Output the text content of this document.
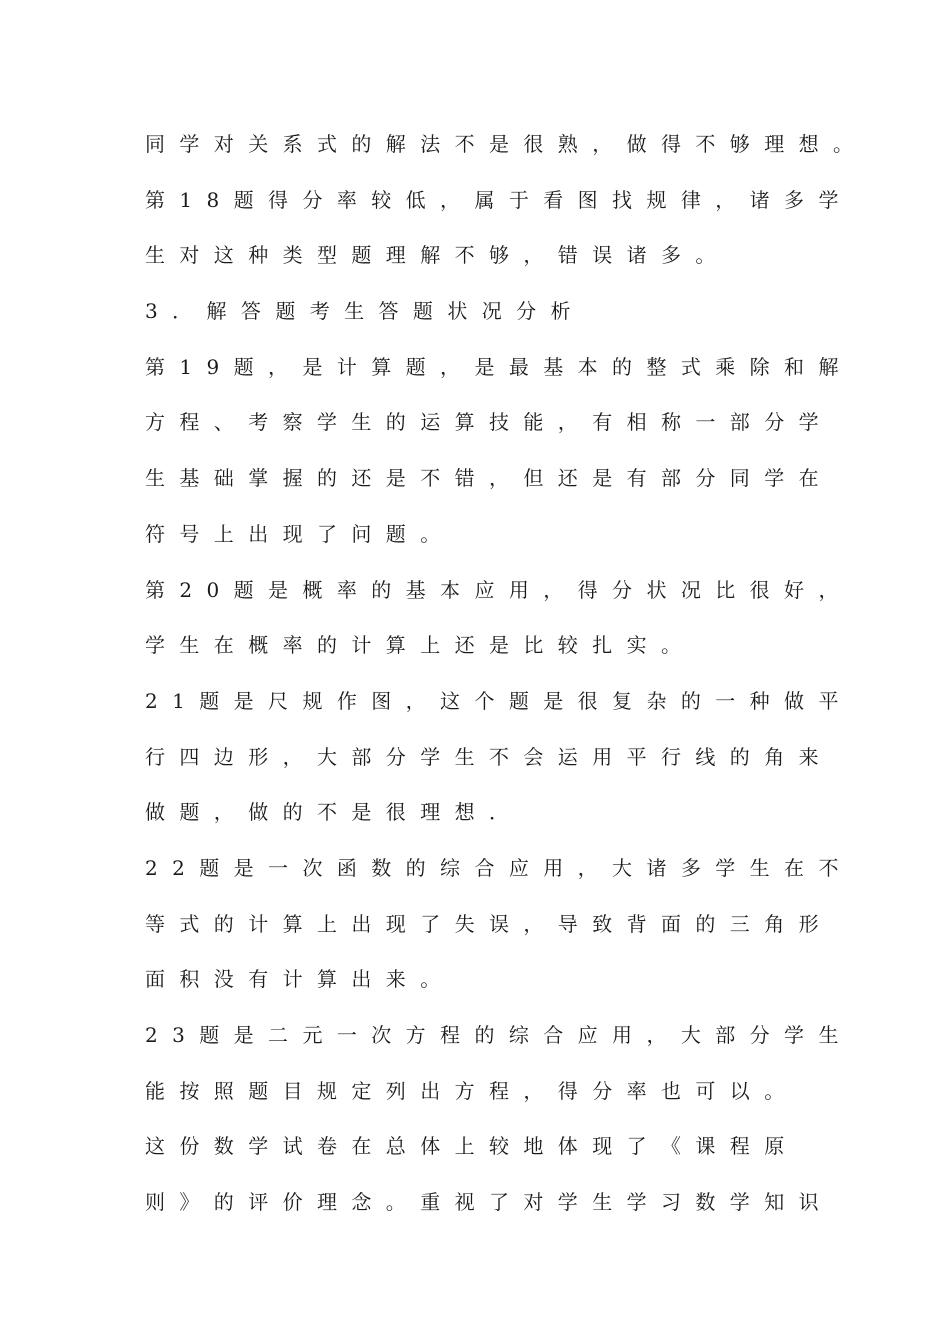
同学对关系式的解法不是很熟，做得不够理想。
第18题得分率较低，属于看图找规律，诸多学
生对这种类型题理解不够，错误诸多。
3．解答题考生答题状况分析
第19题，是计算题，是最基本的整式乘除和解
方程、考察学生的运算技能，有相称一部分学
生基础掌握的还是不错，但还是有部分同学在
符号上出现了问题。
第20题是概率的基本应用，得分状况比很好，
学生在概率的计算上还是比较扎实。
21题是尺规作图，这个题是很复杂的一种做平
行四边形，大部分学生不会运用平行线的角来
做题，做的不是很理想．
22题是一次函数的综合应用，大诸多学生在不
等式的计算上出现了失误，导致背面的三角形
面积没有计算出来。
23题是二元一次方程的综合应用，大部分学生
能按照题目规定列出方程，得分率也可以。
这份数学试卷在总体上较地体现了《课程原
则》的评价理念。重视了对学生学习数学知识
